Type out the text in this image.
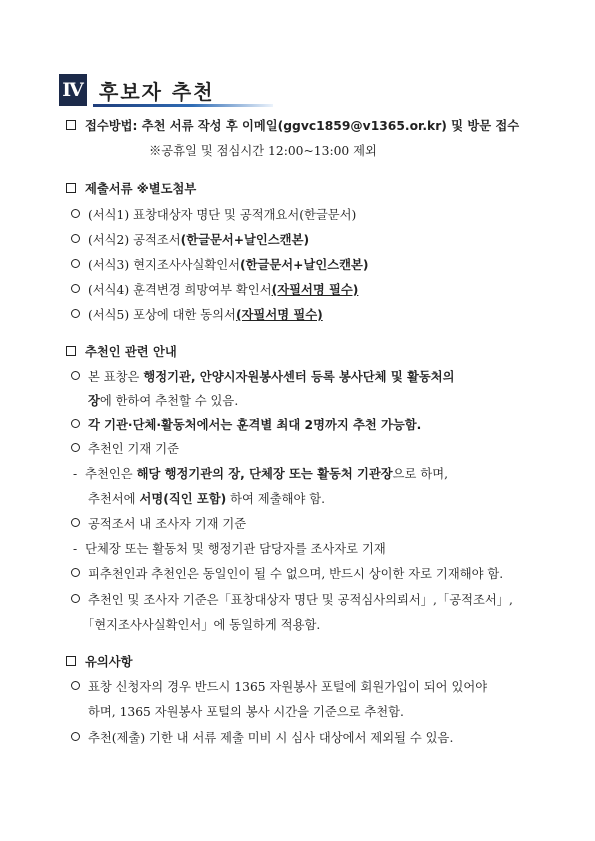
Ⅳ 후보자 추천
접수방법: 추천 서류 작성 후 이메일(ggvc1859@v1365.or.kr) 및 방문 접수
※공휴일 및 점심시간 12:00~13:00 제외
제출서류 ※별도첨부
(서식1) 표창대상자 명단 및 공적개요서(한글문서)
(서식2) 공적조서(한글문서+날인스캔본)
(서식3) 현지조사사실확인서(한글문서+날인스캔본)
(서식4) 훈격변경 희망여부 확인서(자필서명 필수)
(서식5) 포상에 대한 동의서(자필서명 필수)
추천인 관련 안내
본 표창은 행정기관, 안양시자원봉사센터 등록 봉사단체 및 활동처의
장에 한하여 추천할 수 있음.
각 기관·단체·활동처에서는 훈격별 최대 2명까지 추천 가능함.
추천인 기재 기준
- 추천인은 해당 행정기관의 장, 단체장 또는 활동처 기관장으로 하며,
추천서에 서명(직인 포함) 하여 제출해야 함.
공적조서 내 조사자 기재 기준
- 단체장 또는 활동처 및 행정기관 담당자를 조사자로 기재
피추천인과 추천인은 동일인이 될 수 없으며, 반드시 상이한 자로 기재해야 함.
추천인 및 조사자 기준은「표창대상자 명단 및 공적심사의뢰서」,「공적조서」,
「현지조사사실확인서」에 동일하게 적용함.
유의사항
표창 신청자의 경우 반드시 1365 자원봉사 포털에 회원가입이 되어 있어야
하며, 1365 자원봉사 포털의 봉사 시간을 기준으로 추천함.
추천(제출) 기한 내 서류 제출 미비 시 심사 대상에서 제외될 수 있음.
